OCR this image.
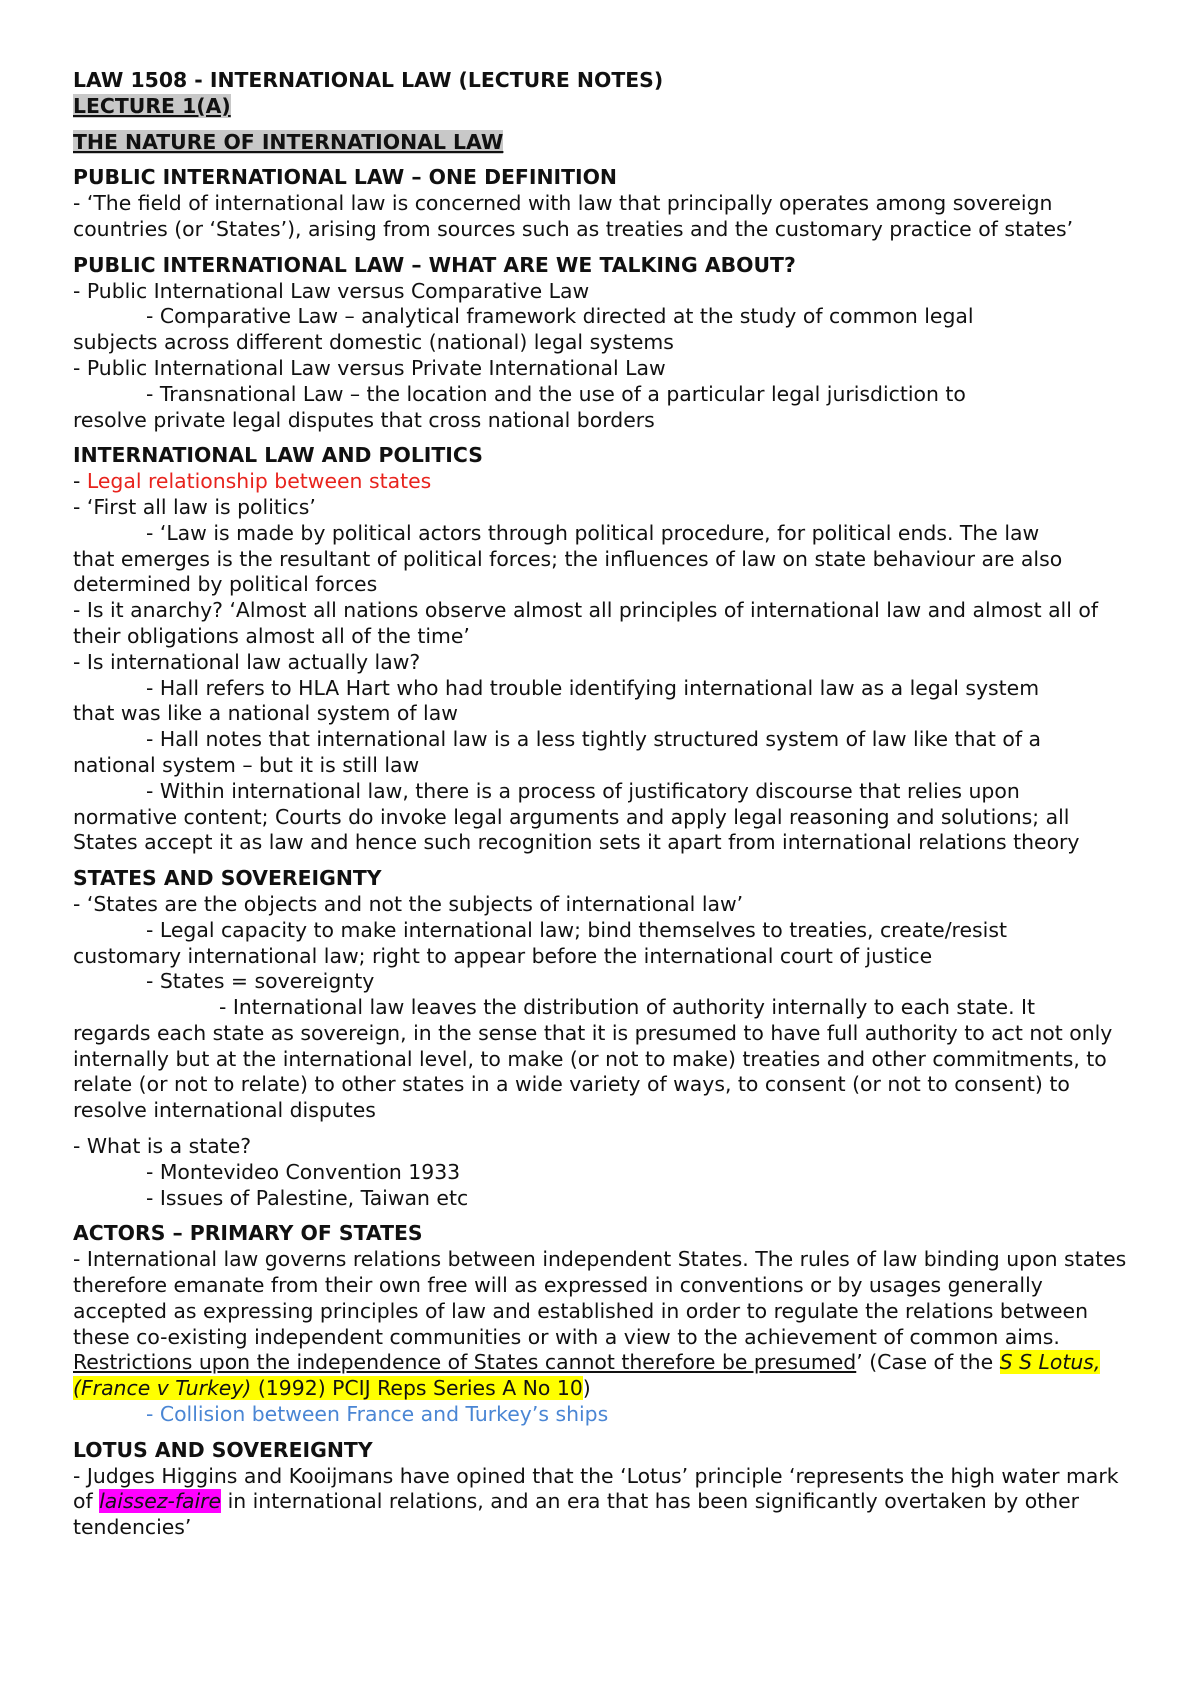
LAW 1508 - INTERNATIONAL LAW (LECTURE NOTES)
LECTURE 1(A)
THE NATURE OF INTERNATIONAL LAW
PUBLIC INTERNATIONAL LAW – ONE DEFINITION
- ‘The field of international law is concerned with law that principally operates among sovereign countries (or ‘States’), arising from sources such as treaties and the customary practice of states’
PUBLIC INTERNATIONAL LAW – WHAT ARE WE TALKING ABOUT?
- Public International Law versus Comparative Law
- Comparative Law – analytical framework directed at the study of common legal
subjects across different domestic (national) legal systems
- Public International Law versus Private International Law
- Transnational Law – the location and the use of a particular legal jurisdiction to
resolve private legal disputes that cross national borders
INTERNATIONAL LAW AND POLITICS
- Legal relationship between states
- ‘First all law is politics’
- ‘Law is made by political actors through political procedure, for political ends. The law
that emerges is the resultant of political forces; the influences of law on state behaviour are also determined by political forces
- Is it anarchy? ‘Almost all nations observe almost all principles of international law and almost all of their obligations almost all of the time’
- Is international law actually law?
- Hall refers to HLA Hart who had trouble identifying international law as a legal system
that was like a national system of law
- Hall notes that international law is a less tightly structured system of law like that of a
national system – but it is still law
- Within international law, there is a process of justificatory discourse that relies upon
normative content; Courts do invoke legal arguments and apply legal reasoning and solutions; all States accept it as law and hence such recognition sets it apart from international relations theory
STATES AND SOVEREIGNTY
- ‘States are the objects and not the subjects of international law’
- Legal capacity to make international law; bind themselves to treaties, create/resist
customary international law; right to appear before the international court of justice
- States = sovereignty
- International law leaves the distribution of authority internally to each state. It
regards each state as sovereign, in the sense that it is presumed to have full authority to act not only internally but at the international level, to make (or not to make) treaties and other commitments, to relate (or not to relate) to other states in a wide variety of ways, to consent (or not to consent) to resolve international disputes
- What is a state?
- Montevideo Convention 1933
- Issues of Palestine, Taiwan etc
ACTORS – PRIMARY OF STATES
- International law governs relations between independent States. The rules of law binding upon states therefore emanate from their own free will as expressed in conventions or by usages generally accepted as expressing principles of law and established in order to regulate the relations between these co-existing independent communities or with a view to the achievement of common aims. Restrictions upon the independence of States cannot therefore be presumed’ (Case of the S S Lotus, (France v Turkey) (1992) PCIJ Reps Series A No 10)
- Collision between France and Turkey’s ships
LOTUS AND SOVEREIGNTY
- Judges Higgins and Kooijmans have opined that the ‘Lotus’ principle ‘represents the high water mark of laissez-faire in international relations, and an era that has been significantly overtaken by other tendencies’
